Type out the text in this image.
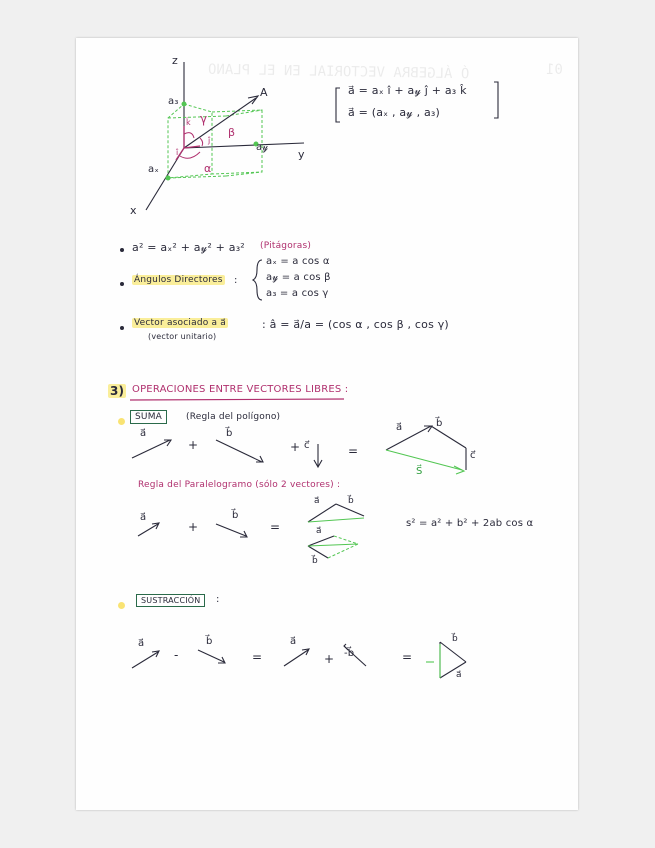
Ó ÁLGEBRA VECTORIAL EN EL PLANO	01
z
y
x
A
a₃
a𝓎
aₓ
γ
β
α
k̂
ĵ
î
a⃗ = aₓ î + a𝓎 ĵ + a₃ k̂
a⃗ = (aₓ , a𝓎 , a₃)
a² = aₓ² + a𝓎² + a₃² (Pitágoras)
Ángulos Directores :
aₓ = a cos α
a𝓎 = a cos β
a₃ = a cos γ
Vector asociado a a⃗
(vector unitario)
: â = a⃗/a = (cos α , cos β , cos γ)
3) OPERACIONES ENTRE VECTORES LIBRES :
SUMA	(Regla del polígono)
a⃗
+
b⃗
+ c⃗	=
a⃗	b⃗
c⃗
S⃗
Regla del Paralelogramo (sólo 2 vectores) :
a⃗
+
b⃗
=
a⃗	b⃗
a⃗
b⃗
s² = a² + b² + 2ab cos α
SUSTRACCIÓN	:
a⃗
-
b⃗
=
a⃗
+ -b⃗	=
b⃗
a⃗
